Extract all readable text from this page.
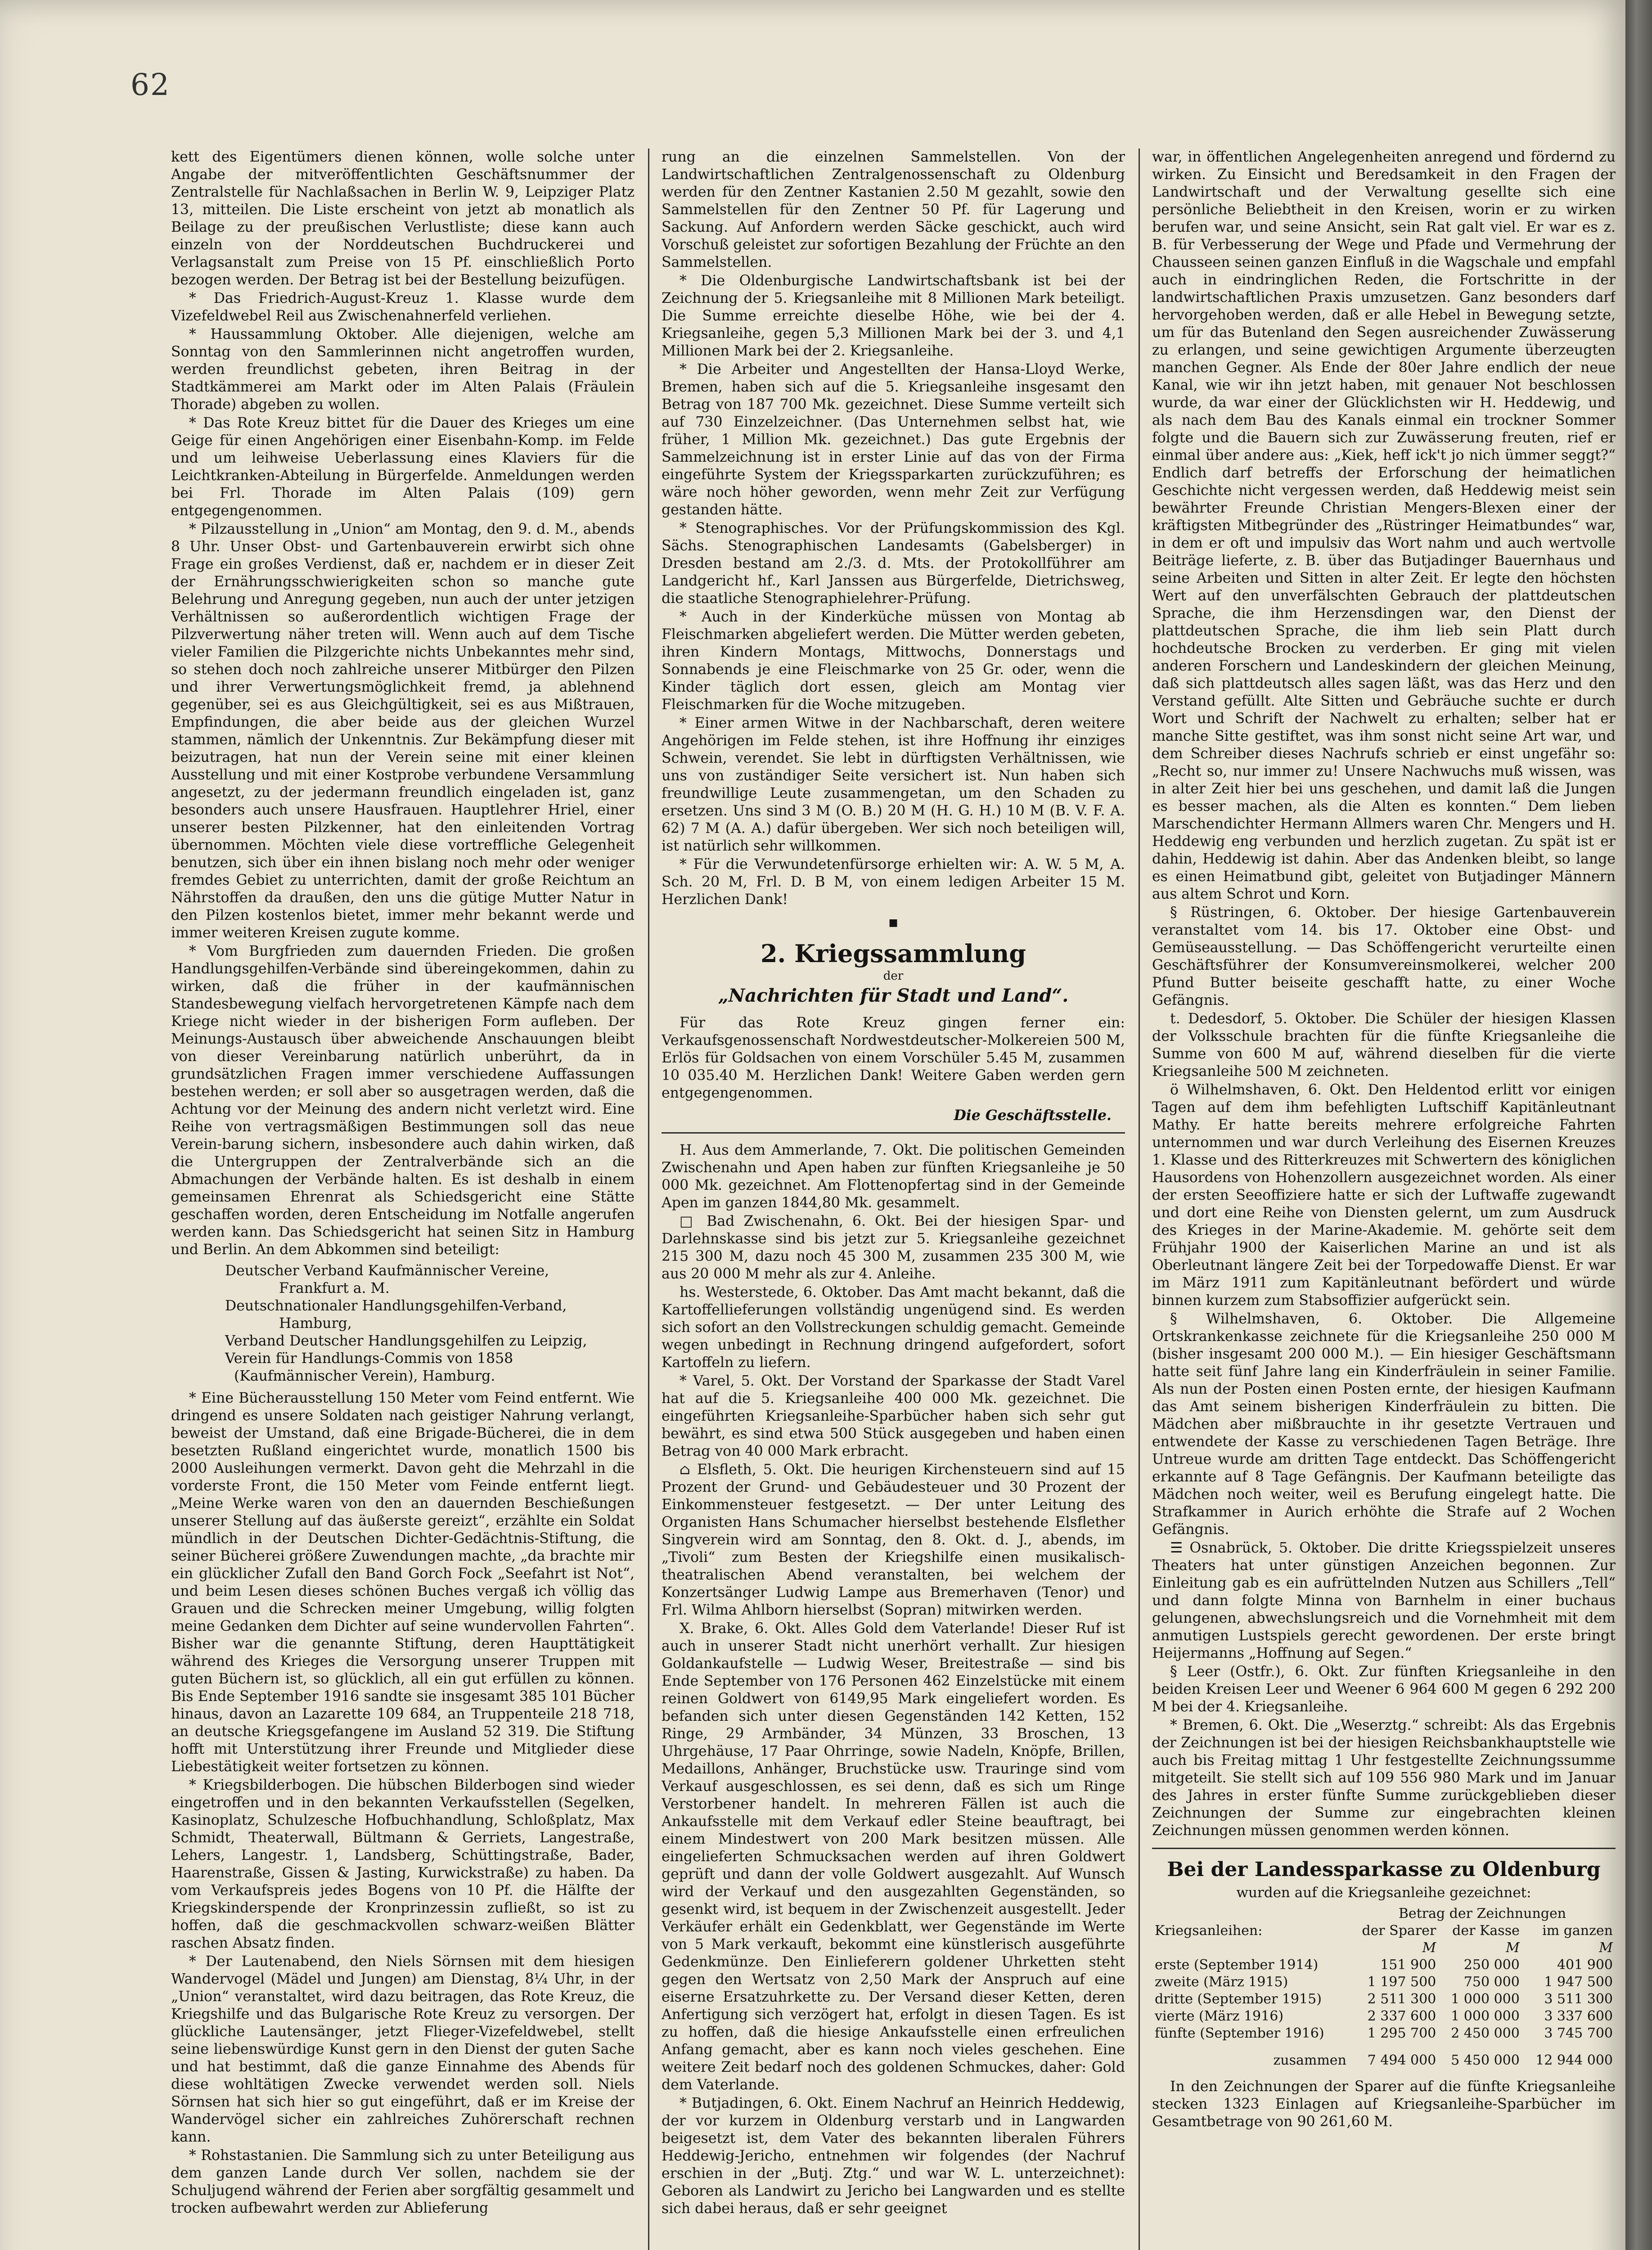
62

kett des Eigentümers dienen können, wolle solche unter Angabe der mitveröffentlichten Geschäftsnummer der Zentralstelle für Nachlaßsachen in Berlin W. 9, Leipziger Platz 13, mitteilen. Die Liste erscheint von jetzt ab monatlich als Beilage zu der preußischen Verlustliste; diese kann auch einzeln von der Norddeutschen Buchdruckerei und Verlagsanstalt zum Preise von 15 Pf. einschließlich Porto bezogen werden. Der Betrag ist bei der Bestellung beizufügen.

* Das Friedrich-August-Kreuz 1. Klasse wurde dem Vizefeldwebel Reil aus Zwischenahnerfeld verliehen.

* Haussammlung Oktober. Alle diejenigen, welche am Sonntag von den Sammlerinnen nicht angetroffen wurden, werden freundlichst gebeten, ihren Beitrag in der Stadtkämmerei am Markt oder im Alten Palais (Fräulein Thorade) abgeben zu wollen.

* Das Rote Kreuz bittet für die Dauer des Krieges um eine Geige für einen Angehörigen einer Eisenbahn-Komp. im Felde und um leihweise Ueberlassung eines Klaviers für die Leichtkranken-Abteilung in Bürgerfelde. Anmeldungen werden bei Frl. Thorade im Alten Palais (109) gern entgegengenommen.

* Pilzausstellung in „Union“ am Montag, den 9. d. M., abends 8 Uhr. Unser Obst- und Gartenbauverein erwirbt sich ohne Frage ein großes Verdienst, daß er, nachdem er in dieser Zeit der Ernährungsschwierigkeiten schon so manche gute Belehrung und Anregung gegeben, nun auch der unter jetzigen Verhältnissen so außerordentlich wichtigen Frage der Pilzverwertung näher treten will. Wenn auch auf dem Tische vieler Familien die Pilzgerichte nichts Unbekanntes mehr sind, so stehen doch noch zahlreiche unserer Mitbürger den Pilzen und ihrer Verwertungsmöglichkeit fremd, ja ablehnend gegenüber, sei es aus Gleichgültigkeit, sei es aus Mißtrauen, Empfindungen, die aber beide aus der gleichen Wurzel stammen, nämlich der Unkenntnis. Zur Bekämpfung dieser mit beizutragen, hat nun der Verein seine mit einer kleinen Ausstellung und mit einer Kostprobe verbundene Versammlung angesetzt, zu der jedermann freundlich eingeladen ist, ganz besonders auch unsere Hausfrauen. Hauptlehrer Hriel, einer unserer besten Pilzkenner, hat den einleitenden Vortrag übernommen. Möchten viele diese vortreffliche Gelegenheit benutzen, sich über ein ihnen bislang noch mehr oder weniger fremdes Gebiet zu unterrichten, damit der große Reichtum an Nährstoffen da draußen, den uns die gütige Mutter Natur in den Pilzen kostenlos bietet, immer mehr bekannt werde und immer weiteren Kreisen zugute komme.

* Vom Burgfrieden zum dauernden Frieden. Die großen Handlungsgehilfen-Verbände sind übereingekommen, dahin zu wirken, daß die früher in der kaufmännischen Standesbewegung vielfach hervorgetretenen Kämpfe nach dem Kriege nicht wieder in der bisherigen Form aufleben. Der Meinungs-Austausch über abweichende Anschauungen bleibt von dieser Vereinbarung natürlich unberührt, da in grundsätzlichen Fragen immer verschiedene Auffassungen bestehen werden; er soll aber so ausgetragen werden, daß die Achtung vor der Meinung des andern nicht verletzt wird. Eine Reihe von vertragsmäßigen Bestimmungen soll das neue Verein-barung sichern, insbesondere auch dahin wirken, daß die Untergruppen der Zentralverbände sich an die Abmachungen der Verbände halten. Es ist deshalb in einem gemeinsamen Ehrenrat als Schiedsgericht eine Stätte geschaffen worden, deren Entscheidung im Notfalle angerufen werden kann. Das Schiedsgericht hat seinen Sitz in Hamburg und Berlin. An dem Abkommen sind beteiligt:

Deutscher Verband Kaufmännischer Vereine,
Frankfurt a. M.
Deutschnationaler Handlungsgehilfen-Verband,
Hamburg,
Verband Deutscher Handlungsgehilfen zu Leipzig,
Verein für Handlungs-Commis von 1858
(Kaufmännischer Verein), Hamburg.

* Eine Bücherausstellung 150 Meter vom Feind entfernt. Wie dringend es unsere Soldaten nach geistiger Nahrung verlangt, beweist der Umstand, daß eine Brigade-Bücherei, die in dem besetzten Rußland eingerichtet wurde, monatlich 1500 bis 2000 Ausleihungen vermerkt. Davon geht die Mehrzahl in die vorderste Front, die 150 Meter vom Feinde entfernt liegt. „Meine Werke waren von den an dauernden Beschießungen unserer Stellung auf das äußerste gereizt“, erzählte ein Soldat mündlich in der Deutschen Dichter-Gedächtnis-Stiftung, die seiner Bücherei größere Zuwendungen machte, „da brachte mir ein glücklicher Zufall den Band Gorch Fock „Seefahrt ist Not“, und beim Lesen dieses schönen Buches vergaß ich völlig das Grauen und die Schrecken meiner Umgebung, willig folgten meine Gedanken dem Dichter auf seine wundervollen Fahrten“. Bisher war die genannte Stiftung, deren Haupttätigkeit während des Krieges die Versorgung unserer Truppen mit guten Büchern ist, so glücklich, all ein gut erfüllen zu können. Bis Ende September 1916 sandte sie insgesamt 385 101 Bücher hinaus, davon an Lazarette 109 684, an Truppenteile 218 718, an deutsche Kriegsgefangene im Ausland 52 319. Die Stiftung hofft mit Unterstützung ihrer Freunde und Mitglieder diese Liebestätigkeit weiter fortsetzen zu können.

* Kriegsbilderbogen. Die hübschen Bilderbogen sind wieder eingetroffen und in den bekannten Verkaufsstellen (Segelken, Kasinoplatz, Schulzesche Hofbuchhandlung, Schloßplatz, Max Schmidt, Theaterwall, Bültmann & Gerriets, Langestraße, Lehers, Langestr. 1, Landsberg, Schüttingstraße, Bader, Haarenstraße, Gissen & Jasting, Kurwickstraße) zu haben. Da vom Verkaufspreis jedes Bogens von 10 Pf. die Hälfte der Kriegskinderspende der Kronprinzessin zufließt, so ist zu hoffen, daß die geschmackvollen schwarz-weißen Blätter raschen Absatz finden.

* Der Lautenabend, den Niels Sörnsen mit dem hiesigen Wandervogel (Mädel und Jungen) am Dienstag, 8¼ Uhr, in der „Union“ veranstaltet, wird dazu beitragen, das Rote Kreuz, die Kriegshilfe und das Bulgarische Rote Kreuz zu versorgen. Der glückliche Lautensänger, jetzt Flieger-Vizefeldwebel, stellt seine liebenswürdige Kunst gern in den Dienst der guten Sache und hat bestimmt, daß die ganze Einnahme des Abends für diese wohltätigen Zwecke verwendet werden soll. Niels Sörnsen hat sich hier so gut eingeführt, daß er im Kreise der Wandervögel sicher ein zahlreiches Zuhörerschaft rechnen kann.

* Rohstastanien. Die Sammlung sich zu unter Beteiligung aus dem ganzen Lande durch Ver sollen, nachdem sie der Schuljugend während der Ferien aber sorgfältig gesammelt und trocken aufbewahrt werden zur Ablieferung

rung an die einzelnen Sammelstellen. Von der Landwirtschaftlichen Zentralgenossenschaft zu Oldenburg werden für den Zentner Kastanien 2.50 M gezahlt, sowie den Sammelstellen für den Zentner 50 Pf. für Lagerung und Sackung. Auf Anfordern werden Säcke geschickt, auch wird Vorschuß geleistet zur sofortigen Bezahlung der Früchte an den Sammelstellen.

* Die Oldenburgische Landwirtschaftsbank ist bei der Zeichnung der 5. Kriegsanleihe mit 8 Millionen Mark beteiligt. Die Summe erreichte dieselbe Höhe, wie bei der 4. Kriegsanleihe, gegen 5,3 Millionen Mark bei der 3. und 4,1 Millionen Mark bei der 2. Kriegsanleihe.

* Die Arbeiter und Angestellten der Hansa-Lloyd Werke, Bremen, haben sich auf die 5. Kriegsanleihe insgesamt den Betrag von 187 700 Mk. gezeichnet. Diese Summe verteilt sich auf 730 Einzelzeichner. (Das Unternehmen selbst hat, wie früher, 1 Million Mk. gezeichnet.) Das gute Ergebnis der Sammelzeichnung ist in erster Linie auf das von der Firma eingeführte System der Kriegssparkarten zurückzuführen; es wäre noch höher geworden, wenn mehr Zeit zur Verfügung gestanden hätte.

* Stenographisches. Vor der Prüfungskommission des Kgl. Sächs. Stenographischen Landesamts (Gabelsberger) in Dresden bestand am 2./3. d. Mts. der Protokollführer am Landgericht hf., Karl Janssen aus Bürgerfelde, Dietrichsweg, die staatliche Stenographielehrer-Prüfung.

* Auch in der Kinderküche müssen von Montag ab Fleischmarken abgeliefert werden. Die Mütter werden gebeten, ihren Kindern Montags, Mittwochs, Donnerstags und Sonnabends je eine Fleischmarke von 25 Gr. oder, wenn die Kinder täglich dort essen, gleich am Montag vier Fleischmarken für die Woche mitzugeben.

* Einer armen Witwe in der Nachbarschaft, deren weitere Angehörigen im Felde stehen, ist ihre Hoffnung ihr einziges Schwein, verendet. Sie lebt in dürftigsten Verhältnissen, wie uns von zuständiger Seite versichert ist. Nun haben sich freundwillige Leute zusammengetan, um den Schaden zu ersetzen. Uns sind 3 M (O. B.) 20 M (H. G. H.) 10 M (B. V. F. A. 62) 7 M (A. A.) dafür übergeben. Wer sich noch beteiligen will, ist natürlich sehr willkommen.

* Für die Verwundetenfürsorge erhielten wir: A. W. 5 M, A. Sch. 20 M, Frl. D. B M, von einem ledigen Arbeiter 15 M. Herzlichen Dank!

■
2. Kriegssammlung
der
„Nachrichten für Stadt und Land“.

Für das Rote Kreuz gingen ferner ein: Verkaufsgenossenschaft Nordwestdeutscher-Molkereien 500 M, Erlös für Goldsachen von einem Vorschüler 5.45 M, zusammen 10 035.40 M. Herzlichen Dank! Weitere Gaben werden gern entgegengenommen.

Die Geschäftsstelle.

H. Aus dem Ammerlande, 7. Okt. Die politischen Gemeinden Zwischenahn und Apen haben zur fünften Kriegsanleihe je 50 000 Mk. gezeichnet. Am Flottenopfertag sind in der Gemeinde Apen im ganzen 1844,80 Mk. gesammelt.

□ Bad Zwischenahn, 6. Okt. Bei der hiesigen Spar- und Darlehnskasse sind bis jetzt zur 5. Kriegsanleihe gezeichnet 215 300 M, dazu noch 45 300 M, zusammen 235 300 M, wie aus 20 000 M mehr als zur 4. Anleihe.

hs. Westerstede, 6. Oktober. Das Amt macht bekannt, daß die Kartoffellieferungen vollständig ungenügend sind. Es werden sich sofort an den Vollstreckungen schuldig gemacht. Gemeinde wegen unbedingt in Rechnung dringend aufgefordert, sofort Kartoffeln zu liefern.

* Varel, 5. Okt. Der Vorstand der Sparkasse der Stadt Varel hat auf die 5. Kriegsanleihe 400 000 Mk. gezeichnet. Die eingeführten Kriegsanleihe-Sparbücher haben sich sehr gut bewährt, es sind etwa 500 Stück ausgegeben und haben einen Betrag von 40 000 Mark erbracht.

⌂ Elsfleth, 5. Okt. Die heurigen Kirchensteuern sind auf 15 Prozent der Grund- und Gebäudesteuer und 30 Prozent der Einkommensteuer festgesetzt. — Der unter Leitung des Organisten Hans Schumacher hierselbst bestehende Elsflether Singverein wird am Sonntag, den 8. Okt. d. J., abends, im „Tivoli“ zum Besten der Kriegshilfe einen musikalisch-theatralischen Abend veranstalten, bei welchem der Konzertsänger Ludwig Lampe aus Bremerhaven (Tenor) und Frl. Wilma Ahlborn hierselbst (Sopran) mitwirken werden.

X. Brake, 6. Okt. Alles Gold dem Vaterlande! Dieser Ruf ist auch in unserer Stadt nicht unerhört verhallt. Zur hiesigen Goldankaufstelle — Ludwig Weser, Breitestraße — sind bis Ende September von 176 Personen 462 Einzelstücke mit einem reinen Goldwert von 6149,95 Mark eingeliefert worden. Es befanden sich unter diesen Gegenständen 142 Ketten, 152 Ringe, 29 Armbänder, 34 Münzen, 33 Broschen, 13 Uhrgehäuse, 17 Paar Ohrringe, sowie Nadeln, Knöpfe, Brillen, Medaillons, Anhänger, Bruchstücke usw. Trauringe sind vom Verkauf ausgeschlossen, es sei denn, daß es sich um Ringe Verstorbener handelt. In mehreren Fällen ist auch die Ankaufsstelle mit dem Verkauf edler Steine beauftragt, bei einem Mindestwert von 200 Mark besitzen müssen. Alle eingelieferten Schmucksachen werden auf ihren Goldwert geprüft und dann der volle Goldwert ausgezahlt. Auf Wunsch wird der Verkauf und den ausgezahlten Gegenständen, so gesenkt wird, ist bequem in der Zwischenzeit ausgestellt. Jeder Verkäufer erhält ein Gedenkblatt, wer Gegenstände im Werte von 5 Mark verkauft, bekommt eine künstlerisch ausgeführte Gedenkmünze. Den Einlieferern goldener Uhrketten steht gegen den Wertsatz von 2,50 Mark der Anspruch auf eine eiserne Ersatzuhrkette zu. Der Versand dieser Ketten, deren Anfertigung sich verzögert hat, erfolgt in diesen Tagen. Es ist zu hoffen, daß die hiesige Ankaufsstelle einen erfreulichen Anfang gemacht, aber es kann noch vieles geschehen. Eine weitere Zeit bedarf noch des goldenen Schmuckes, daher: Gold dem Vaterlande.

* Butjadingen, 6. Okt. Einem Nachruf an Heinrich Heddewig, der vor kurzem in Oldenburg verstarb und in Langwarden beigesetzt ist, dem Vater des bekannten liberalen Führers Heddewig-Jericho, entnehmen wir folgendes (der Nachruf erschien in der „Butj. Ztg.“ und war W. L. unterzeichnet): Geboren als Landwirt zu Jericho bei Langwarden und es stellte sich dabei heraus, daß er sehr geeignet

war, in öffentlichen Angelegenheiten anregend und fördernd zu wirken. Zu Einsicht und Beredsamkeit in den Fragen der Landwirtschaft und der Verwaltung gesellte sich eine persönliche Beliebtheit in den Kreisen, worin er zu wirken berufen war, und seine Ansicht, sein Rat galt viel. Er war es z. B. für Verbesserung der Wege und Pfade und Vermehrung der Chausseen seinen ganzen Einfluß in die Wagschale und empfahl auch in eindringlichen Reden, die Fortschritte in der landwirtschaftlichen Praxis umzusetzen. Ganz besonders darf hervorgehoben werden, daß er alle Hebel in Bewegung setzte, um für das Butenland den Segen ausreichender Zuwässerung zu erlangen, und seine gewichtigen Argumente überzeugten manchen Gegner. Als Ende der 80er Jahre endlich der neue Kanal, wie wir ihn jetzt haben, mit genauer Not beschlossen wurde, da war einer der Glücklichsten wir H. Heddewig, und als nach dem Bau des Kanals einmal ein trockner Sommer folgte und die Bauern sich zur Zuwässerung freuten, rief er einmal über andere aus: „Kiek, heff ick't jo nich ümmer seggt?“ Endlich darf betreffs der Erforschung der heimatlichen Geschichte nicht vergessen werden, daß Heddewig meist sein bewährter Freunde Christian Mengers-Blexen einer der kräftigsten Mitbegründer des „Rüstringer Heimatbundes“ war, in dem er oft und impulsiv das Wort nahm und auch wertvolle Beiträge lieferte, z. B. über das Butjadinger Bauernhaus und seine Arbeiten und Sitten in alter Zeit. Er legte den höchsten Wert auf den unverfälschten Gebrauch der plattdeutschen Sprache, die ihm Herzensdingen war, den Dienst der plattdeutschen Sprache, die ihm lieb sein Platt durch hochdeutsche Brocken zu verderben. Er ging mit vielen anderen Forschern und Landeskindern der gleichen Meinung, daß sich plattdeutsch alles sagen läßt, was das Herz und den Verstand gefüllt. Alte Sitten und Gebräuche suchte er durch Wort und Schrift der Nachwelt zu erhalten; selber hat er manche Sitte gestiftet, was ihm sonst nicht seine Art war, und dem Schreiber dieses Nachrufs schrieb er einst ungefähr so: „Recht so, nur immer zu! Unsere Nachwuchs muß wissen, was in alter Zeit hier bei uns geschehen, und damit laß die Jungen es besser machen, als die Alten es konnten.“ Dem lieben Marschendichter Hermann Allmers waren Chr. Mengers und H. Heddewig eng verbunden und herzlich zugetan. Zu spät ist er dahin, Heddewig ist dahin. Aber das Andenken bleibt, so lange es einen Heimatbund gibt, geleitet von Butjadinger Männern aus altem Schrot und Korn.

§ Rüstringen, 6. Oktober. Der hiesige Gartenbauverein veranstaltet vom 14. bis 17. Oktober eine Obst- und Gemüseausstellung. — Das Schöffengericht verurteilte einen Geschäftsführer der Konsumvereinsmolkerei, welcher 200 Pfund Butter beiseite geschafft hatte, zu einer Woche Gefängnis.

t. Dedesdorf, 5. Oktober. Die Schüler der hiesigen Klassen der Volksschule brachten für die fünfte Kriegsanleihe die Summe von 600 M auf, während dieselben für die vierte Kriegsanleihe 500 M zeichneten.

ö Wilhelmshaven, 6. Okt. Den Heldentod erlitt vor einigen Tagen auf dem ihm befehligten Luftschiff Kapitänleutnant Mathy. Er hatte bereits mehrere erfolgreiche Fahrten unternommen und war durch Verleihung des Eisernen Kreuzes 1. Klasse und des Ritterkreuzes mit Schwertern des königlichen Hausordens von Hohenzollern ausgezeichnet worden. Als einer der ersten Seeoffiziere hatte er sich der Luftwaffe zugewandt und dort eine Reihe von Diensten gelernt, um zum Ausdruck des Krieges in der Marine-Akademie. M. gehörte seit dem Frühjahr 1900 der Kaiserlichen Marine an und ist als Oberleutnant längere Zeit bei der Torpedowaffe Dienst. Er war im März 1911 zum Kapitänleutnant befördert und würde binnen kurzem zum Stabsoffizier aufgerückt sein.

§ Wilhelmshaven, 6. Oktober. Die Allgemeine Ortskrankenkasse zeichnete für die Kriegsanleihe 250 000 M (bisher insgesamt 200 000 M.). — Ein hiesiger Geschäftsmann hatte seit fünf Jahre lang ein Kinderfräulein in seiner Familie. Als nun der Posten einen Posten ernte, der hiesigen Kaufmann das Amt seinem bisherigen Kinderfräulein zu bitten. Die Mädchen aber mißbrauchte in ihr gesetzte Vertrauen und entwendete der Kasse zu verschiedenen Tagen Beträge. Ihre Untreue wurde am dritten Tage entdeckt. Das Schöffengericht erkannte auf 8 Tage Gefängnis. Der Kaufmann beteiligte das Mädchen noch weiter, weil es Berufung eingelegt hatte. Die Strafkammer in Aurich erhöhte die Strafe auf 2 Wochen Gefängnis.

☰ Osnabrück, 5. Oktober. Die dritte Kriegsspielzeit unseres Theaters hat unter günstigen Anzeichen begonnen. Zur Einleitung gab es ein aufrüttelnden Nutzen aus Schillers „Tell“ und dann folgte Minna von Barnhelm in einer buchaus gelungenen, abwechslungsreich und die Vornehmheit mit dem anmutigen Lustspiels gerecht gewordenen. Der erste bringt Heijermanns „Hoffnung auf Segen.“

§ Leer (Ostfr.), 6. Okt. Zur fünften Kriegsanleihe in den beiden Kreisen Leer und Weener 6 964 600 M gegen 6 292 200 M bei der 4. Kriegsanleihe.

* Bremen, 6. Okt. Die „Weserztg.“ schreibt: Als das Ergebnis der Zeichnungen ist bei der hiesigen Reichsbankhauptstelle wie auch bis Freitag mittag 1 Uhr festgestellte Zeichnungssumme mitgeteilt. Sie stellt sich auf 109 556 980 Mark und im Januar des Jahres in erster fünfte Summe zurückgeblieben dieser Zeichnungen der Summe zur eingebrachten kleinen Zeichnungen müssen genommen werden können.

Bei der Landessparkasse zu Oldenburg
wurden auf die Kriegsanleihe gezeichnet:
	Betrag der Zeichnungen		
Kriegsanleihen:	der Sparer	der Kasse	im ganzen
	M	M	M
erste (September 1914)	151 900	250 000	401 900
zweite (März 1915)	1 197 500	750 000	1 947 500
dritte (September 1915)	2 511 300	1 000 000	3 511 300
vierte (März 1916)	2 337 600	1 000 000	3 337 600
fünfte (September 1916)	1 295 700	2 450 000	3 745 700
zusammen	7 494 000	5 450 000	12 944 000

In den Zeichnungen der Sparer auf die fünfte Kriegsanleihe stecken 1323 Einlagen auf Kriegsanleihe-Sparbücher im Gesamtbetrage von 90 261,60 M.
